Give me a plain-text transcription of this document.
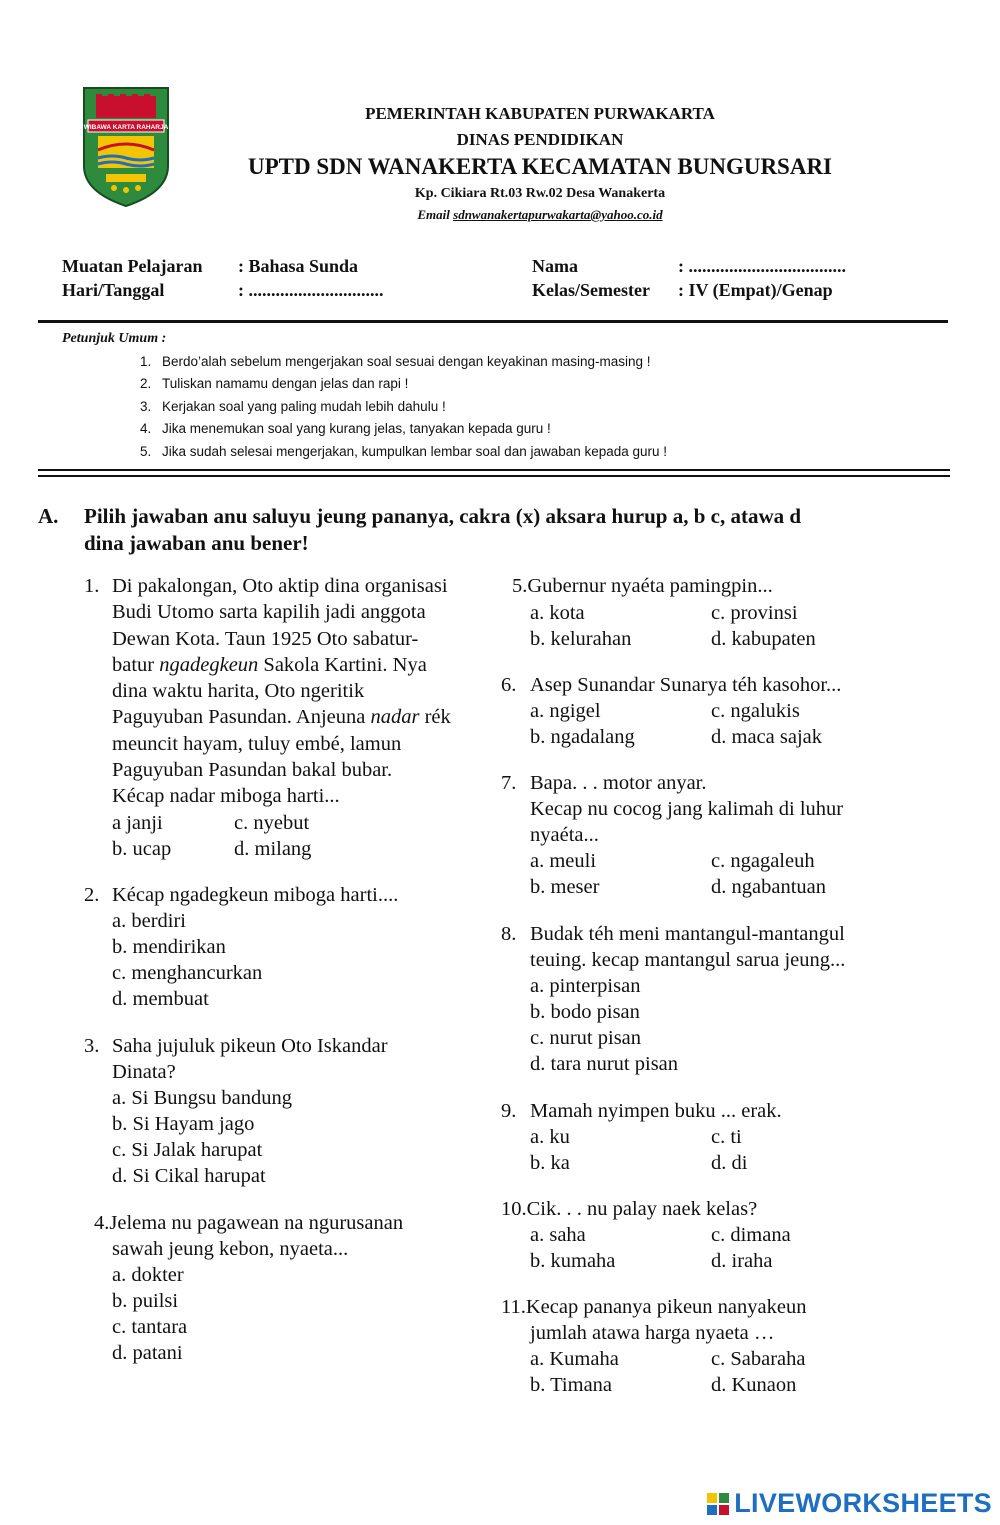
WIBAWA KARTA RAHARJA
PEMERINTAH KABUPATEN PURWAKARTA
DINAS PENDIDIKAN
UPTD SDN WANAKERTA KECAMATAN BUNGURSARI
Kp. Cikiara Rt.03 Rw.02 Desa Wanakerta
Email sdnwanakertapurwakarta@yahoo.co.id
Muatan Pelajaran : Bahasa Sunda
Hari/Tanggal	: ..............................
Nama	: ...................................
Kelas/Semester : IV (Empat)/Genap
Petunjuk Umum :
1. Berdo’alah sebelum mengerjakan soal sesuai dengan keyakinan masing-masing !
2. Tuliskan namamu dengan jelas dan rapi !
3. Kerjakan soal yang paling mudah lebih dahulu !
4. Jika menemukan soal yang kurang jelas, tanyakan kepada guru !
5. Jika sudah selesai mengerjakan, kumpulkan lembar soal dan jawaban kepada guru !
A. Pilih jawaban anu saluyu jeung pananya, cakra (x) aksara hurup a, b c, atawa d
dina jawaban anu bener!
1. Di pakalongan, Oto aktip dina organisasi
Budi Utomo sarta kapilih jadi anggota
Dewan Kota. Taun 1925 Oto sabatur-
batur ngadegkeun Sakola Kartini. Nya
dina waktu harita, Oto ngeritik
Paguyuban Pasundan. Anjeuna nadar rék
meuncit hayam, tuluy embé, lamun
Paguyuban Pasundan bakal bubar.
Kécap nadar miboga harti...
a janji	c. nyebut
b. ucap	d. milang
2. Kécap ngadegkeun miboga harti....
a. berdiri
b. mendirikan
c. menghancurkan
d. membuat
3. Saha jujuluk pikeun Oto Iskandar
Dinata?
a. Si Bungsu bandung
b. Si Hayam jago
c. Si Jalak harupat
d. Si Cikal harupat
4.Jelema nu pagawean na ngurusanan
sawah jeung kebon, nyaeta...
a. dokter
b. puilsi
c. tantara
d. patani
5.Gubernur nyaéta pamingpin...
a. kota	c. provinsi
b. kelurahan	d. kabupaten
6. Asep Sunandar Sunarya téh kasohor...
a. ngigel	c. ngalukis
b. ngadalang	d. maca sajak
7. Bapa. . . motor anyar.
Kecap nu cocog jang kalimah di luhur
nyaéta...
a. meuli	c. ngagaleuh
b. meser	d. ngabantuan
8. Budak téh meni mantangul-mantangul
teuing. kecap mantangul sarua jeung...
a. pinterpisan
b. bodo pisan
c. nurut pisan
d. tara nurut pisan
9. Mamah nyimpen buku ... erak.
a. ku	c. ti
b. ka	d. di
10.Cik. . . nu palay naek kelas?
a. saha	c. dimana
b. kumaha	d. iraha
11.Kecap pananya pikeun nanyakeun
jumlah atawa harga nyaeta …
a. Kumaha	c. Sabaraha
b. Timana	d. Kunaon
LIVEWORKSHEETS
